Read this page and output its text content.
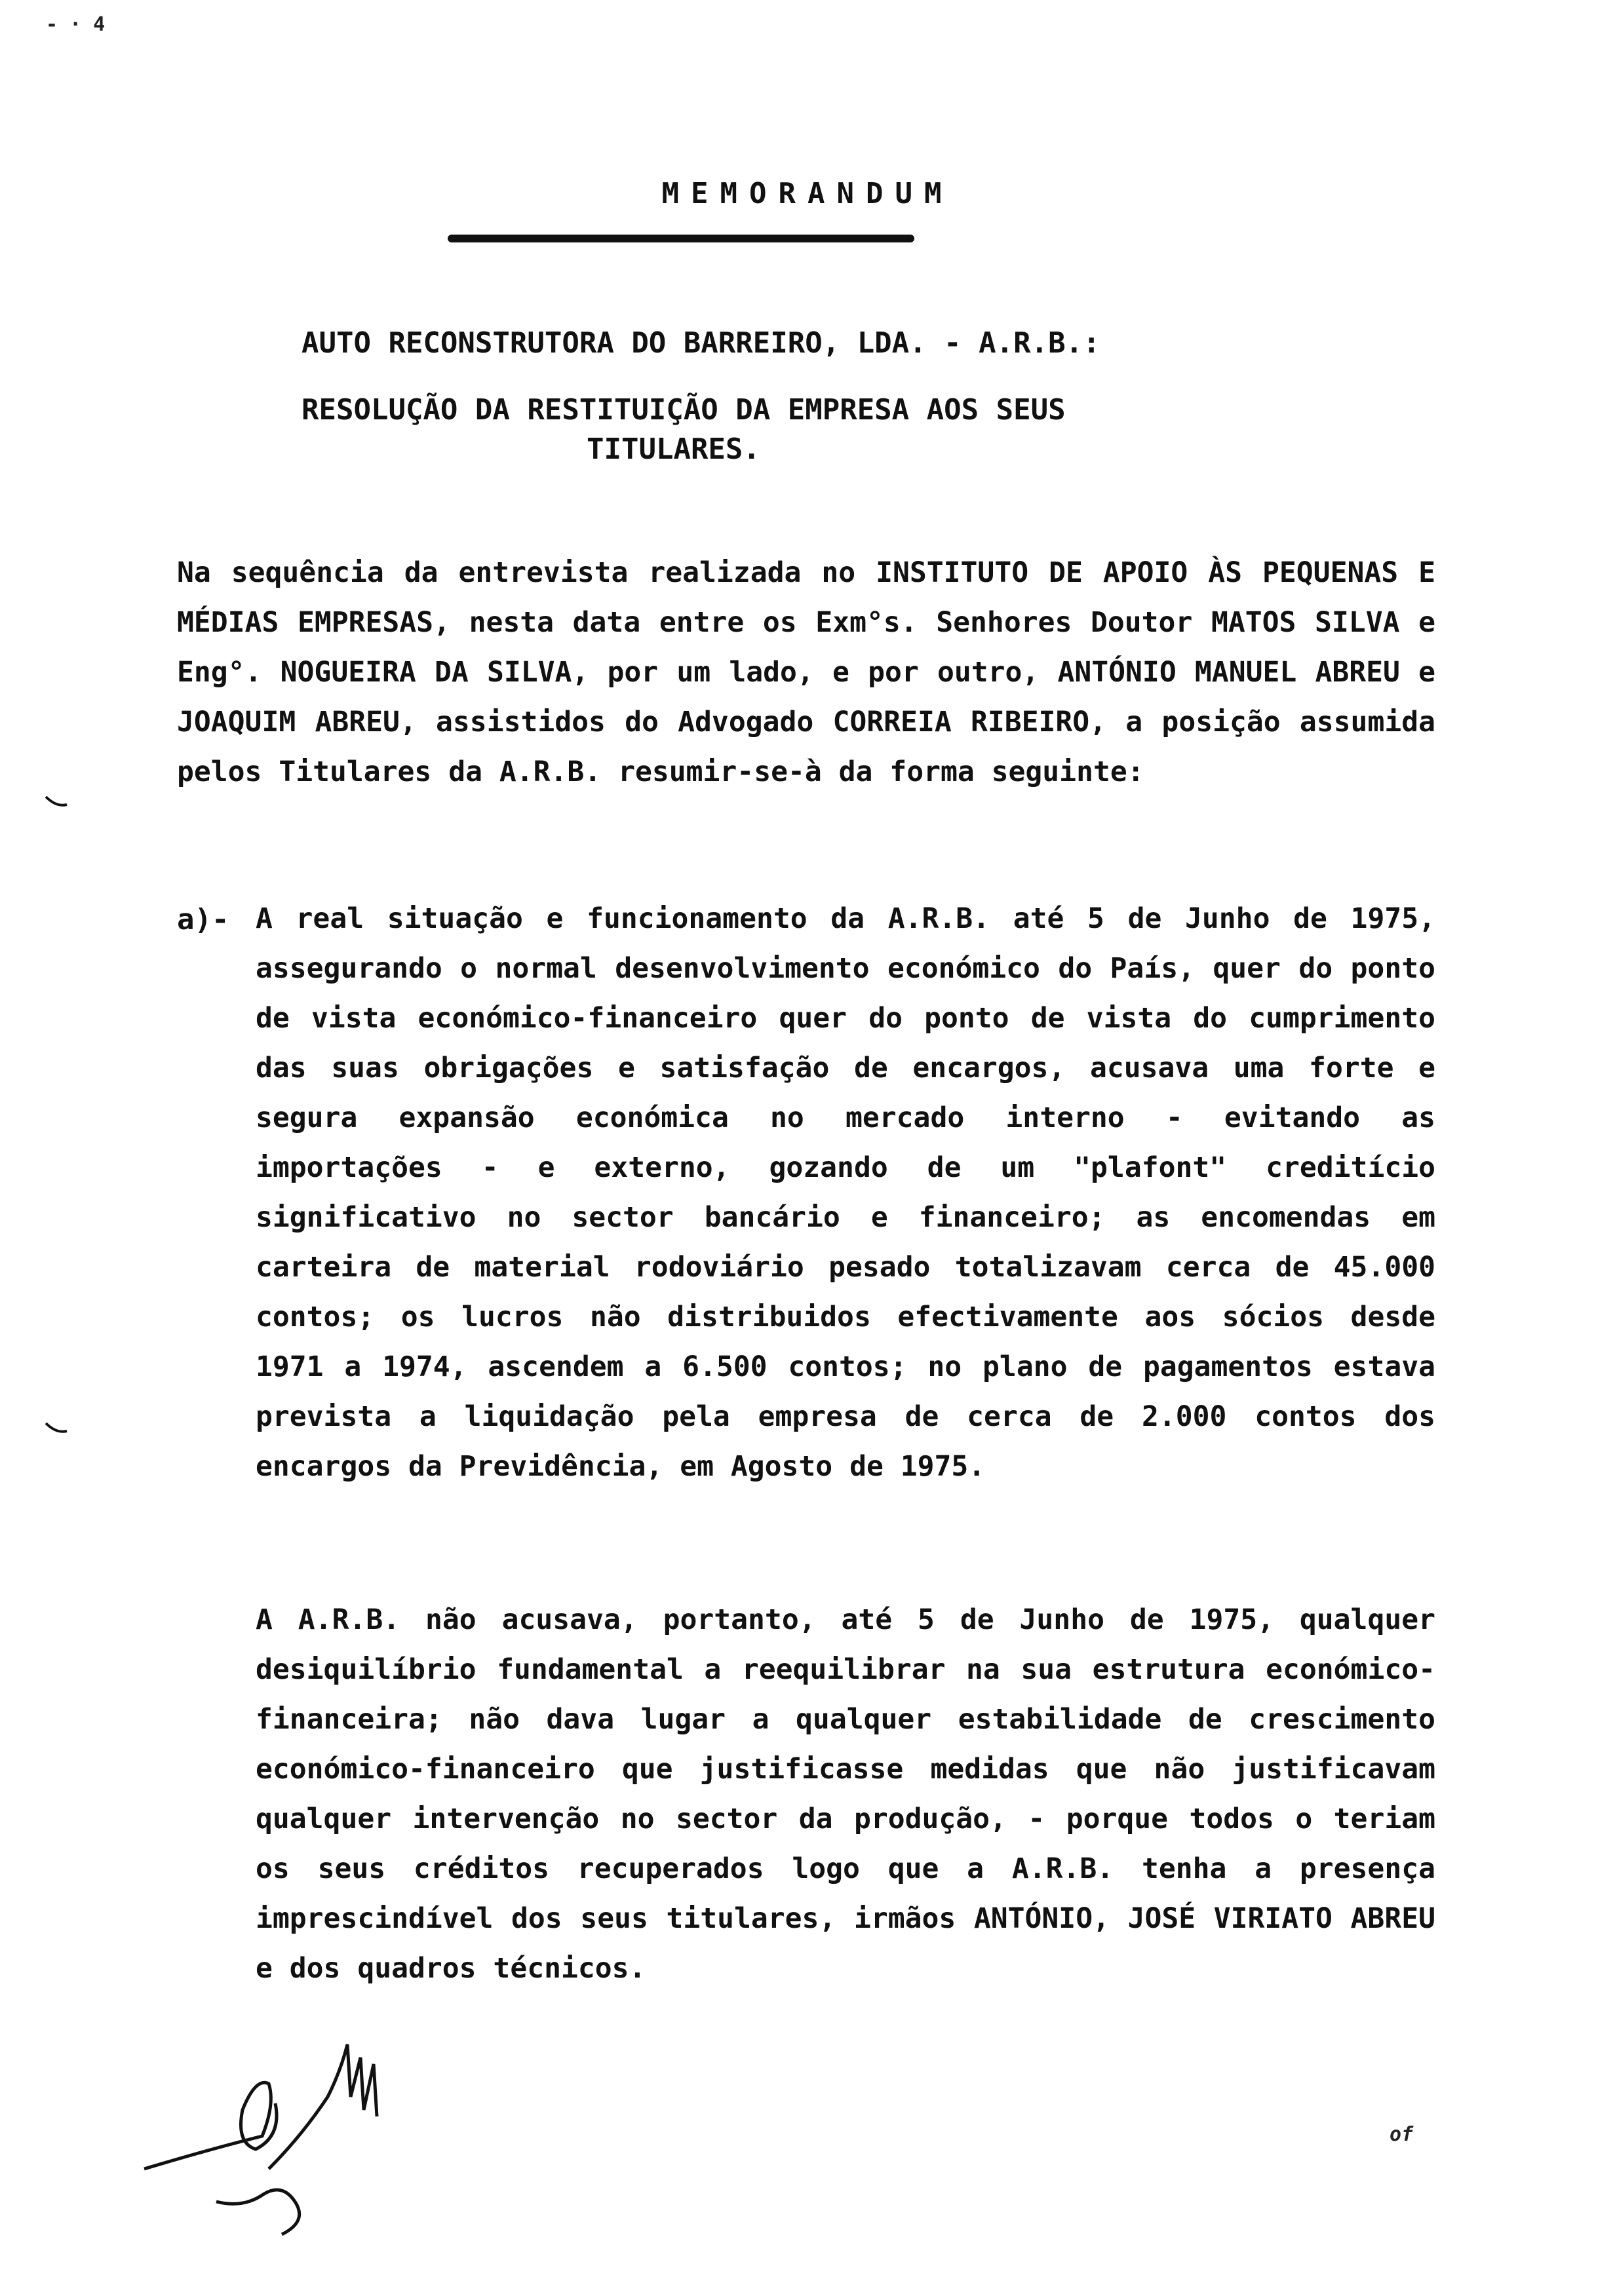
- · 4
MEMORANDUM
AUTO RECONSTRUTORA DO BARREIRO, LDA. - A.R.B.:
RESOLUÇÃO DA RESTITUIÇÃO DA EMPRESA AOS SEUS
TITULARES.

Na sequência da entrevista realizada no INSTITUTO DE APOIO ÀS PEQUENAS E MÉDIAS EMPRESAS, nesta data entre os Exm°s. Senhores Doutor MATOS SILVA e Eng°. NOGUEIRA DA SILVA, por um lado, e por outro, ANTÓNIO MANUEL ABREU e JOAQUIM ABREU, assistidos do Advogado CORREIA RIBEIRO, a posição assumida pelos Titulares da A.R.B. resumir-se-à da forma seguinte:

a)- A real situação e funcionamento da A.R.B. até 5 de Junho de 1975, assegurando o normal desenvolvimento económico do País, quer do ponto de vista económico-financeiro quer do ponto de vista do cumprimento das suas obrigações e satisfação de encargos, acusava uma forte e segura expansão económica no mercado interno - evitando as importações - e externo, gozando de um "plafont" creditício significativo no sector bancário e financeiro; as encomendas em carteira de material rodoviário pesado totalizavam cerca de 45.000 contos; os lucros não distribuidos efectivamente aos sócios desde 1971 a 1974, ascendem a 6.500 contos; no plano de pagamentos estava prevista a liquidação pela empresa de cerca de 2.000 contos dos encargos da Previdência, em Agosto de 1975.

A A.R.B. não acusava, portanto, até 5 de Junho de 1975, qualquer desiquilíbrio fundamental a reequilibrar na sua estrutura económico-financeira; não dava lugar a qualquer estabilidade de crescimento económico-financeiro que justificasse medidas que não justificavam qualquer intervenção no sector da produção, - porque todos o teriam os seus créditos recuperados logo que a A.R.B. tenha a presença imprescindível dos seus titulares, irmãos ANTÓNIO, JOSÉ VIRIATO ABREU e dos quadros técnicos.

of
